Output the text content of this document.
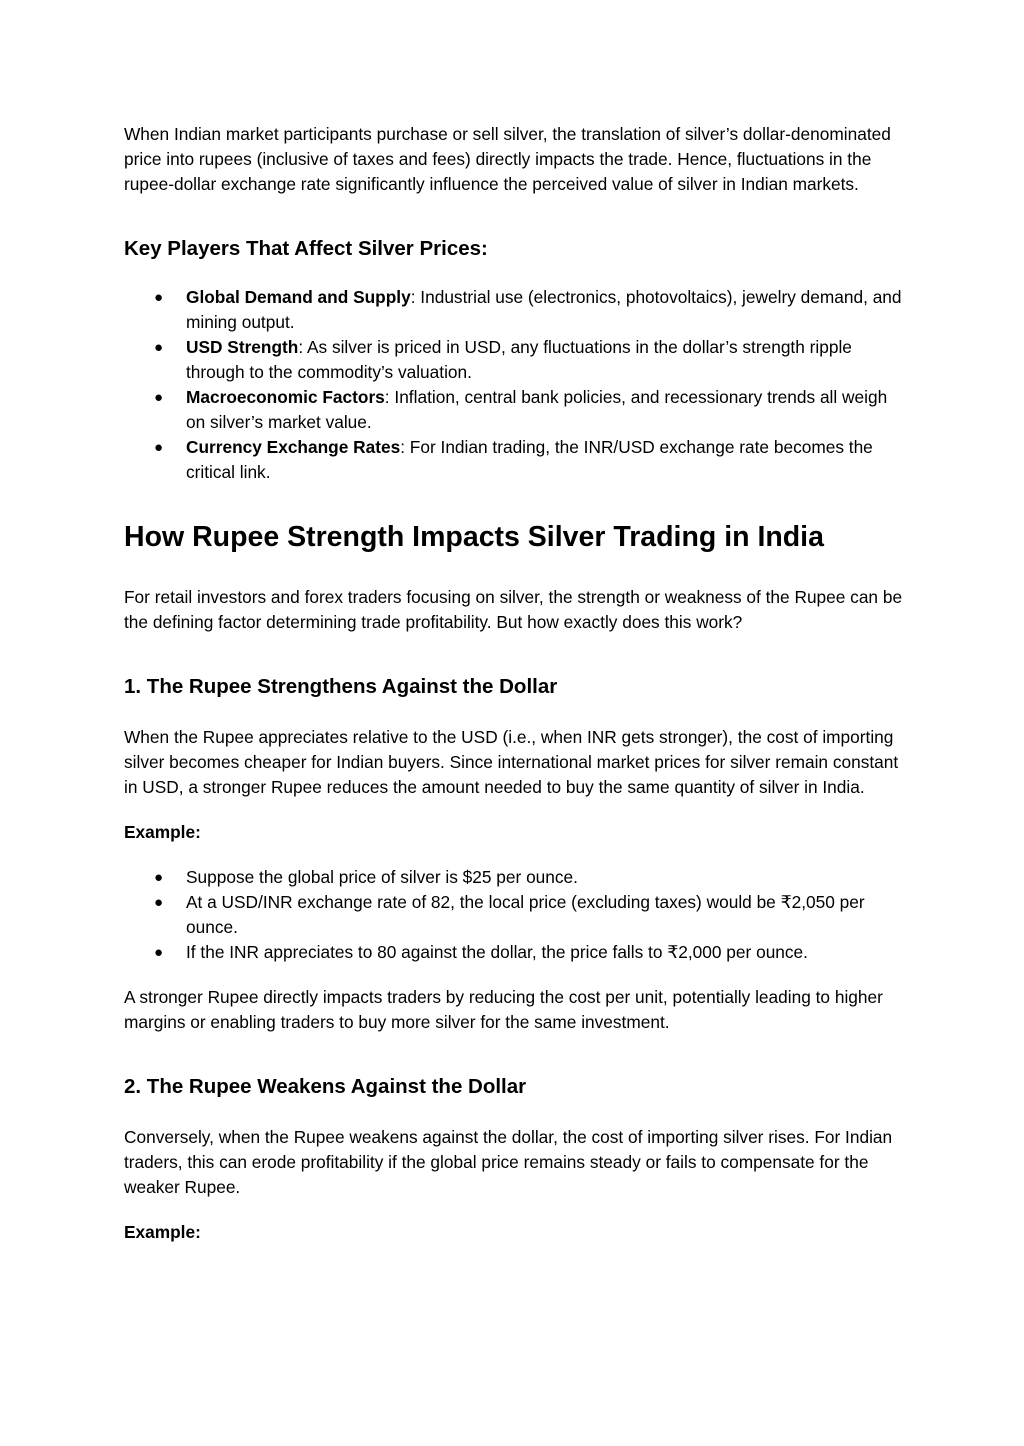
When Indian market participants purchase or sell silver, the translation of silver’s dollar-denominated price into rupees (inclusive of taxes and fees) directly impacts the trade. Hence, fluctuations in the rupee-dollar exchange rate significantly influence the perceived value of silver in Indian markets.

Key Players That Affect Silver Prices:
● Global Demand and Supply: Industrial use (electronics, photovoltaics), jewelry demand, and mining output.
● USD Strength: As silver is priced in USD, any fluctuations in the dollar’s strength ripple through to the commodity’s valuation.
● Macroeconomic Factors: Inflation, central bank policies, and recessionary trends all weigh on silver’s market value.
● Currency Exchange Rates: For Indian trading, the INR/USD exchange rate becomes the critical link.
How Rupee Strength Impacts Silver Trading in India

For retail investors and forex traders focusing on silver, the strength or weakness of the Rupee can be the defining factor determining trade profitability. But how exactly does this work?

1. The Rupee Strengthens Against the Dollar

When the Rupee appreciates relative to the USD (i.e., when INR gets stronger), the cost of importing silver becomes cheaper for Indian buyers. Since international market prices for silver remain constant in USD, a stronger Rupee reduces the amount needed to buy the same quantity of silver in India.

Example:

● Suppose the global price of silver is $25 per ounce.
● At a USD/INR exchange rate of 82, the local price (excluding taxes) would be ₹2,050 per ounce.
● If the INR appreciates to 80 against the dollar, the price falls to ₹2,000 per ounce.

A stronger Rupee directly impacts traders by reducing the cost per unit, potentially leading to higher margins or enabling traders to buy more silver for the same investment.

2. The Rupee Weakens Against the Dollar

Conversely, when the Rupee weakens against the dollar, the cost of importing silver rises. For Indian traders, this can erode profitability if the global price remains steady or fails to compensate for the weaker Rupee.

Example:
